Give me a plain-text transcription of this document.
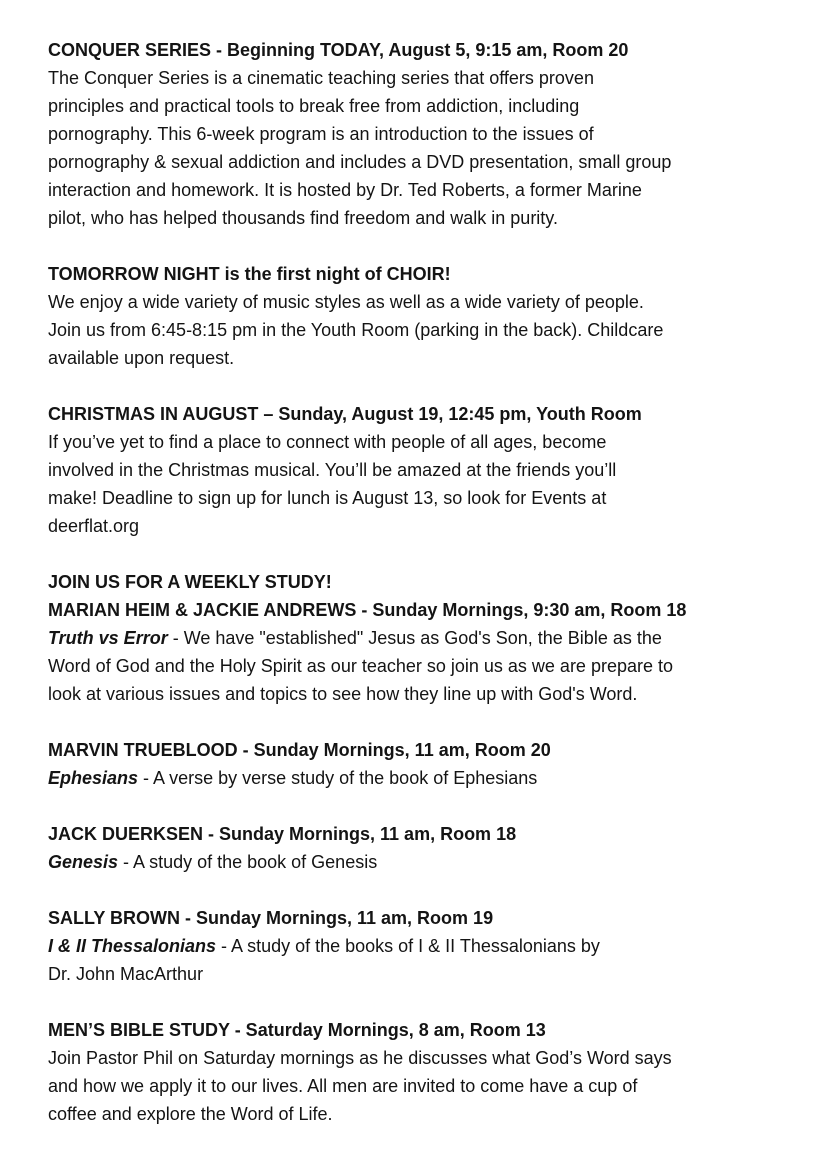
CONQUER SERIES - Beginning TODAY, August 5, 9:15 am, Room 20

The Conquer Series is a cinematic teaching series that offers proven

principles and practical tools to break free from addiction, including

pornography. This 6-week program is an introduction to the issues of

pornography & sexual addiction and includes a DVD presentation, small group

interaction and homework. It is hosted by Dr. Ted Roberts, a former Marine

pilot, who has helped thousands find freedom and walk in purity.

TOMORROW NIGHT is the first night of CHOIR!

We enjoy a wide variety of music styles as well as a wide variety of people.

Join us from 6:45-8:15 pm in the Youth Room (parking in the back). Childcare

available upon request.

CHRISTMAS IN AUGUST – Sunday, August 19, 12:45 pm, Youth Room

If you’ve yet to find a place to connect with people of all ages, become

involved in the Christmas musical. You’ll be amazed at the friends you’ll

make! Deadline to sign up for lunch is August 13, so look for Events at

deerflat.org

JOIN US FOR A WEEKLY STUDY!

MARIAN HEIM & JACKIE ANDREWS - Sunday Mornings, 9:30 am, Room 18

Truth vs Error - We have "established" Jesus as God's Son, the Bible as the

Word of God and the Holy Spirit as our teacher so join us as we are prepare to

look at various issues and topics to see how they line up with God's Word.

MARVIN TRUEBLOOD - Sunday Mornings, 11 am, Room 20

Ephesians - A verse by verse study of the book of Ephesians

JACK DUERKSEN - Sunday Mornings, 11 am, Room 18

Genesis - A study of the book of Genesis

SALLY BROWN - Sunday Mornings, 11 am, Room 19

I & II Thessalonians - A study of the books of I & II Thessalonians by

Dr. John MacArthur

MEN’S BIBLE STUDY - Saturday Mornings, 8 am, Room 13

Join Pastor Phil on Saturday mornings as he discusses what God’s Word says

and how we apply it to our lives. All men are invited to come have a cup of

coffee and explore the Word of Life.
